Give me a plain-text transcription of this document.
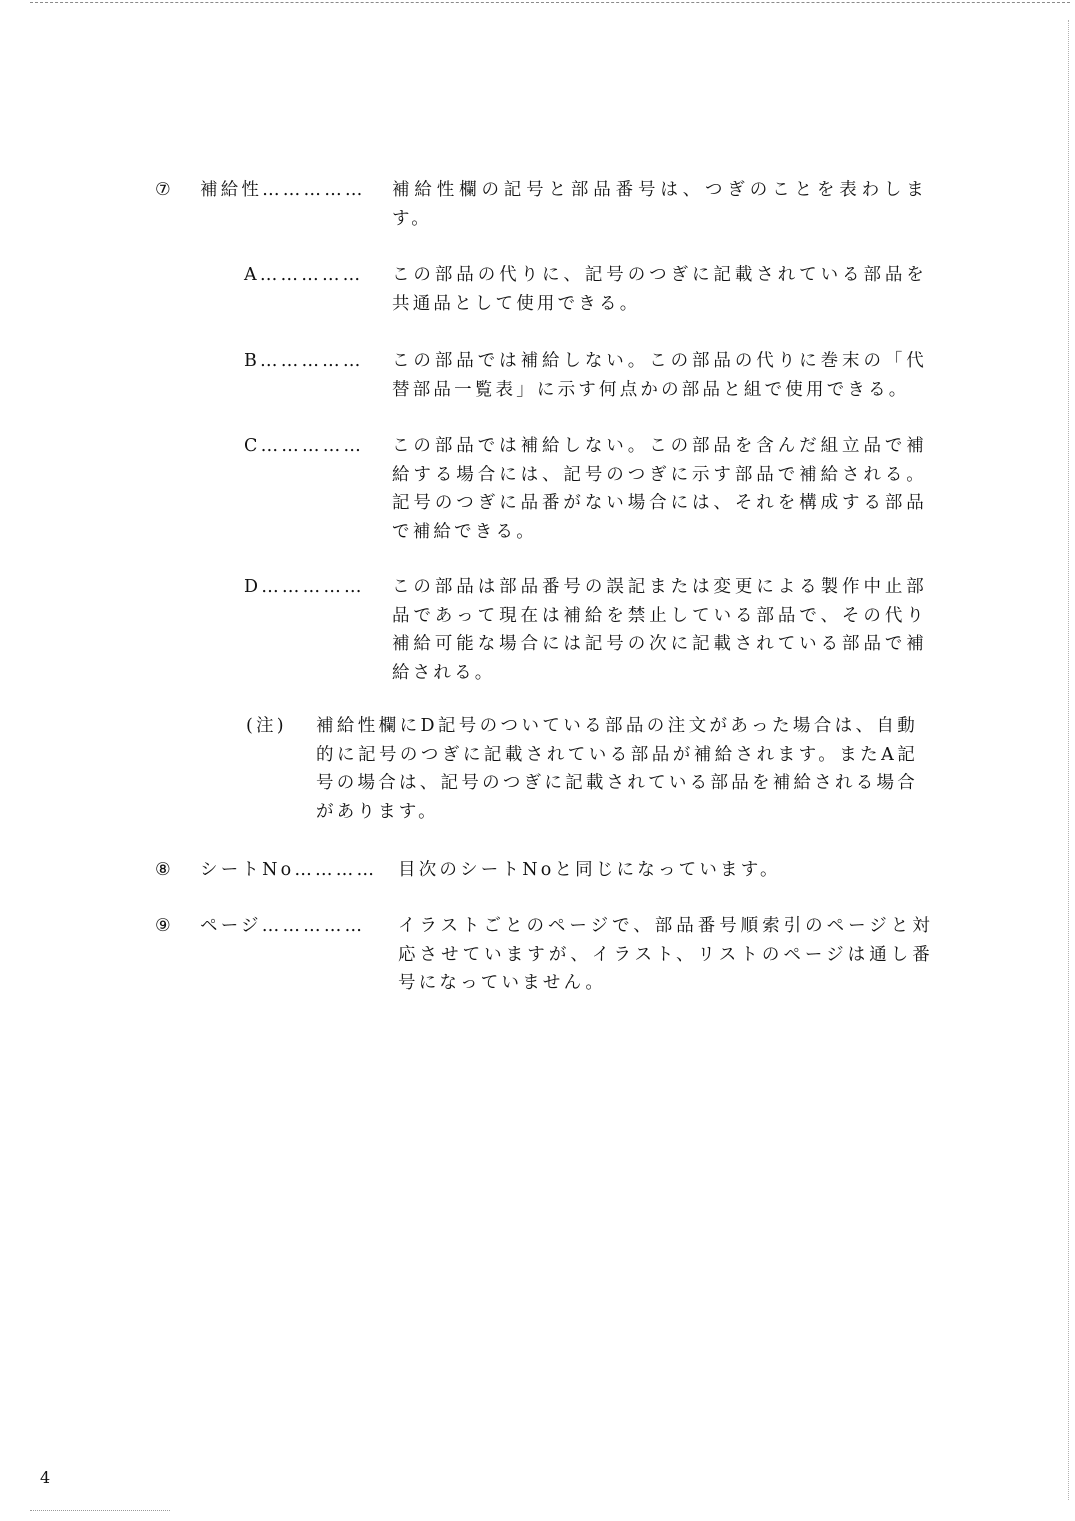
⑦ 補給性…………… 補給性欄の記号と部品番号は、つぎのことを表わします。
A…………… この部品の代りに、記号のつぎに記載されている部品を共通品として使用できる。
B…………… この部品では補給しない。この部品の代りに巻末の「代替部品一覧表」に示す何点かの部品と組で使用できる。
C…………… この部品では補給しない。この部品を含んだ組立品で補給する場合には、記号のつぎに示す部品で補給される。記号のつぎに品番がない場合には、それを構成する部品で補給できる。
D…………… この部品は部品番号の誤記または変更による製作中止部品であって現在は補給を禁止している部品で、その代り補給可能な場合には記号の次に記載されている部品で補給される。
(注) 補給性欄にD記号のついている部品の注文があった場合は、自動的に記号のつぎに記載されている部品が補給されます。またA記号の場合は、記号のつぎに記載されている部品を補給される場合があります。
⑧ シートNo………… 目次のシートNoと同じになっています。
⑨ ページ…………… イラストごとのページで、部品番号順索引のページと対応させていますが、イラスト、リストのページは通し番号になっていません。
4
